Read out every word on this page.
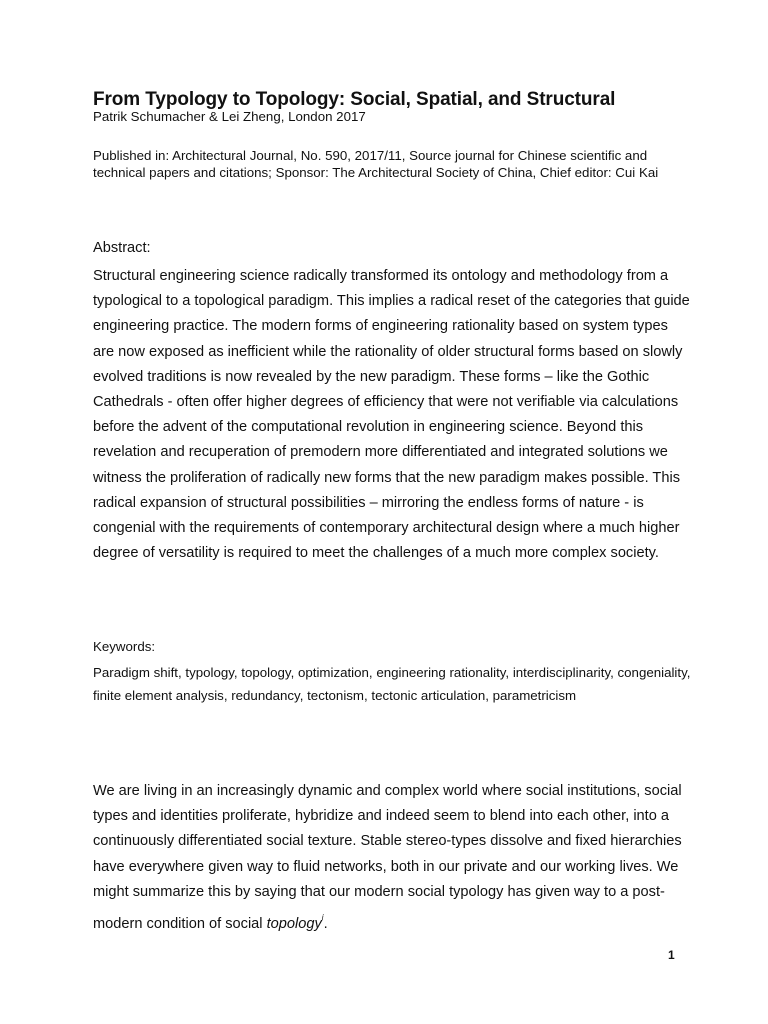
From Typology to Topology: Social, Spatial, and Structural
Patrik Schumacher & Lei Zheng, London 2017
Published in: Architectural Journal, No. 590, 2017/11, Source journal for Chinese scientific and technical papers and citations; Sponsor: The Architectural Society of China, Chief editor: Cui Kai
Abstract:
Structural engineering science radically transformed its ontology and methodology from a typological to a topological paradigm. This implies a radical reset of the categories that guide engineering practice. The modern forms of engineering rationality based on system types are now exposed as inefficient while the rationality of older structural forms based on slowly evolved traditions is now revealed by the new paradigm. These forms – like the Gothic Cathedrals - often offer higher degrees of efficiency that were not verifiable via calculations before the advent of the computational revolution in engineering science. Beyond this revelation and recuperation of premodern more differentiated and integrated solutions we witness the proliferation of radically new forms that the new paradigm makes possible. This radical expansion of structural possibilities – mirroring the endless forms of nature - is congenial with the requirements of contemporary architectural design where a much higher degree of versatility is required to meet the challenges of a much more complex society.
Keywords:
Paradigm shift, typology, topology, optimization, engineering rationality, interdisciplinarity, congeniality, finite element analysis, redundancy, tectonism, tectonic articulation, parametricism
We are living in an increasingly dynamic and complex world where social institutions, social types and identities proliferate, hybridize and indeed seem to blend into each other, into a continuously differentiated social texture. Stable stereo-types dissolve and fixed hierarchies have everywhere given way to fluid networks, both in our private and our working lives. We might summarize this by saying that our modern social typology has given way to a post-modern condition of social topology$^i$.
1
